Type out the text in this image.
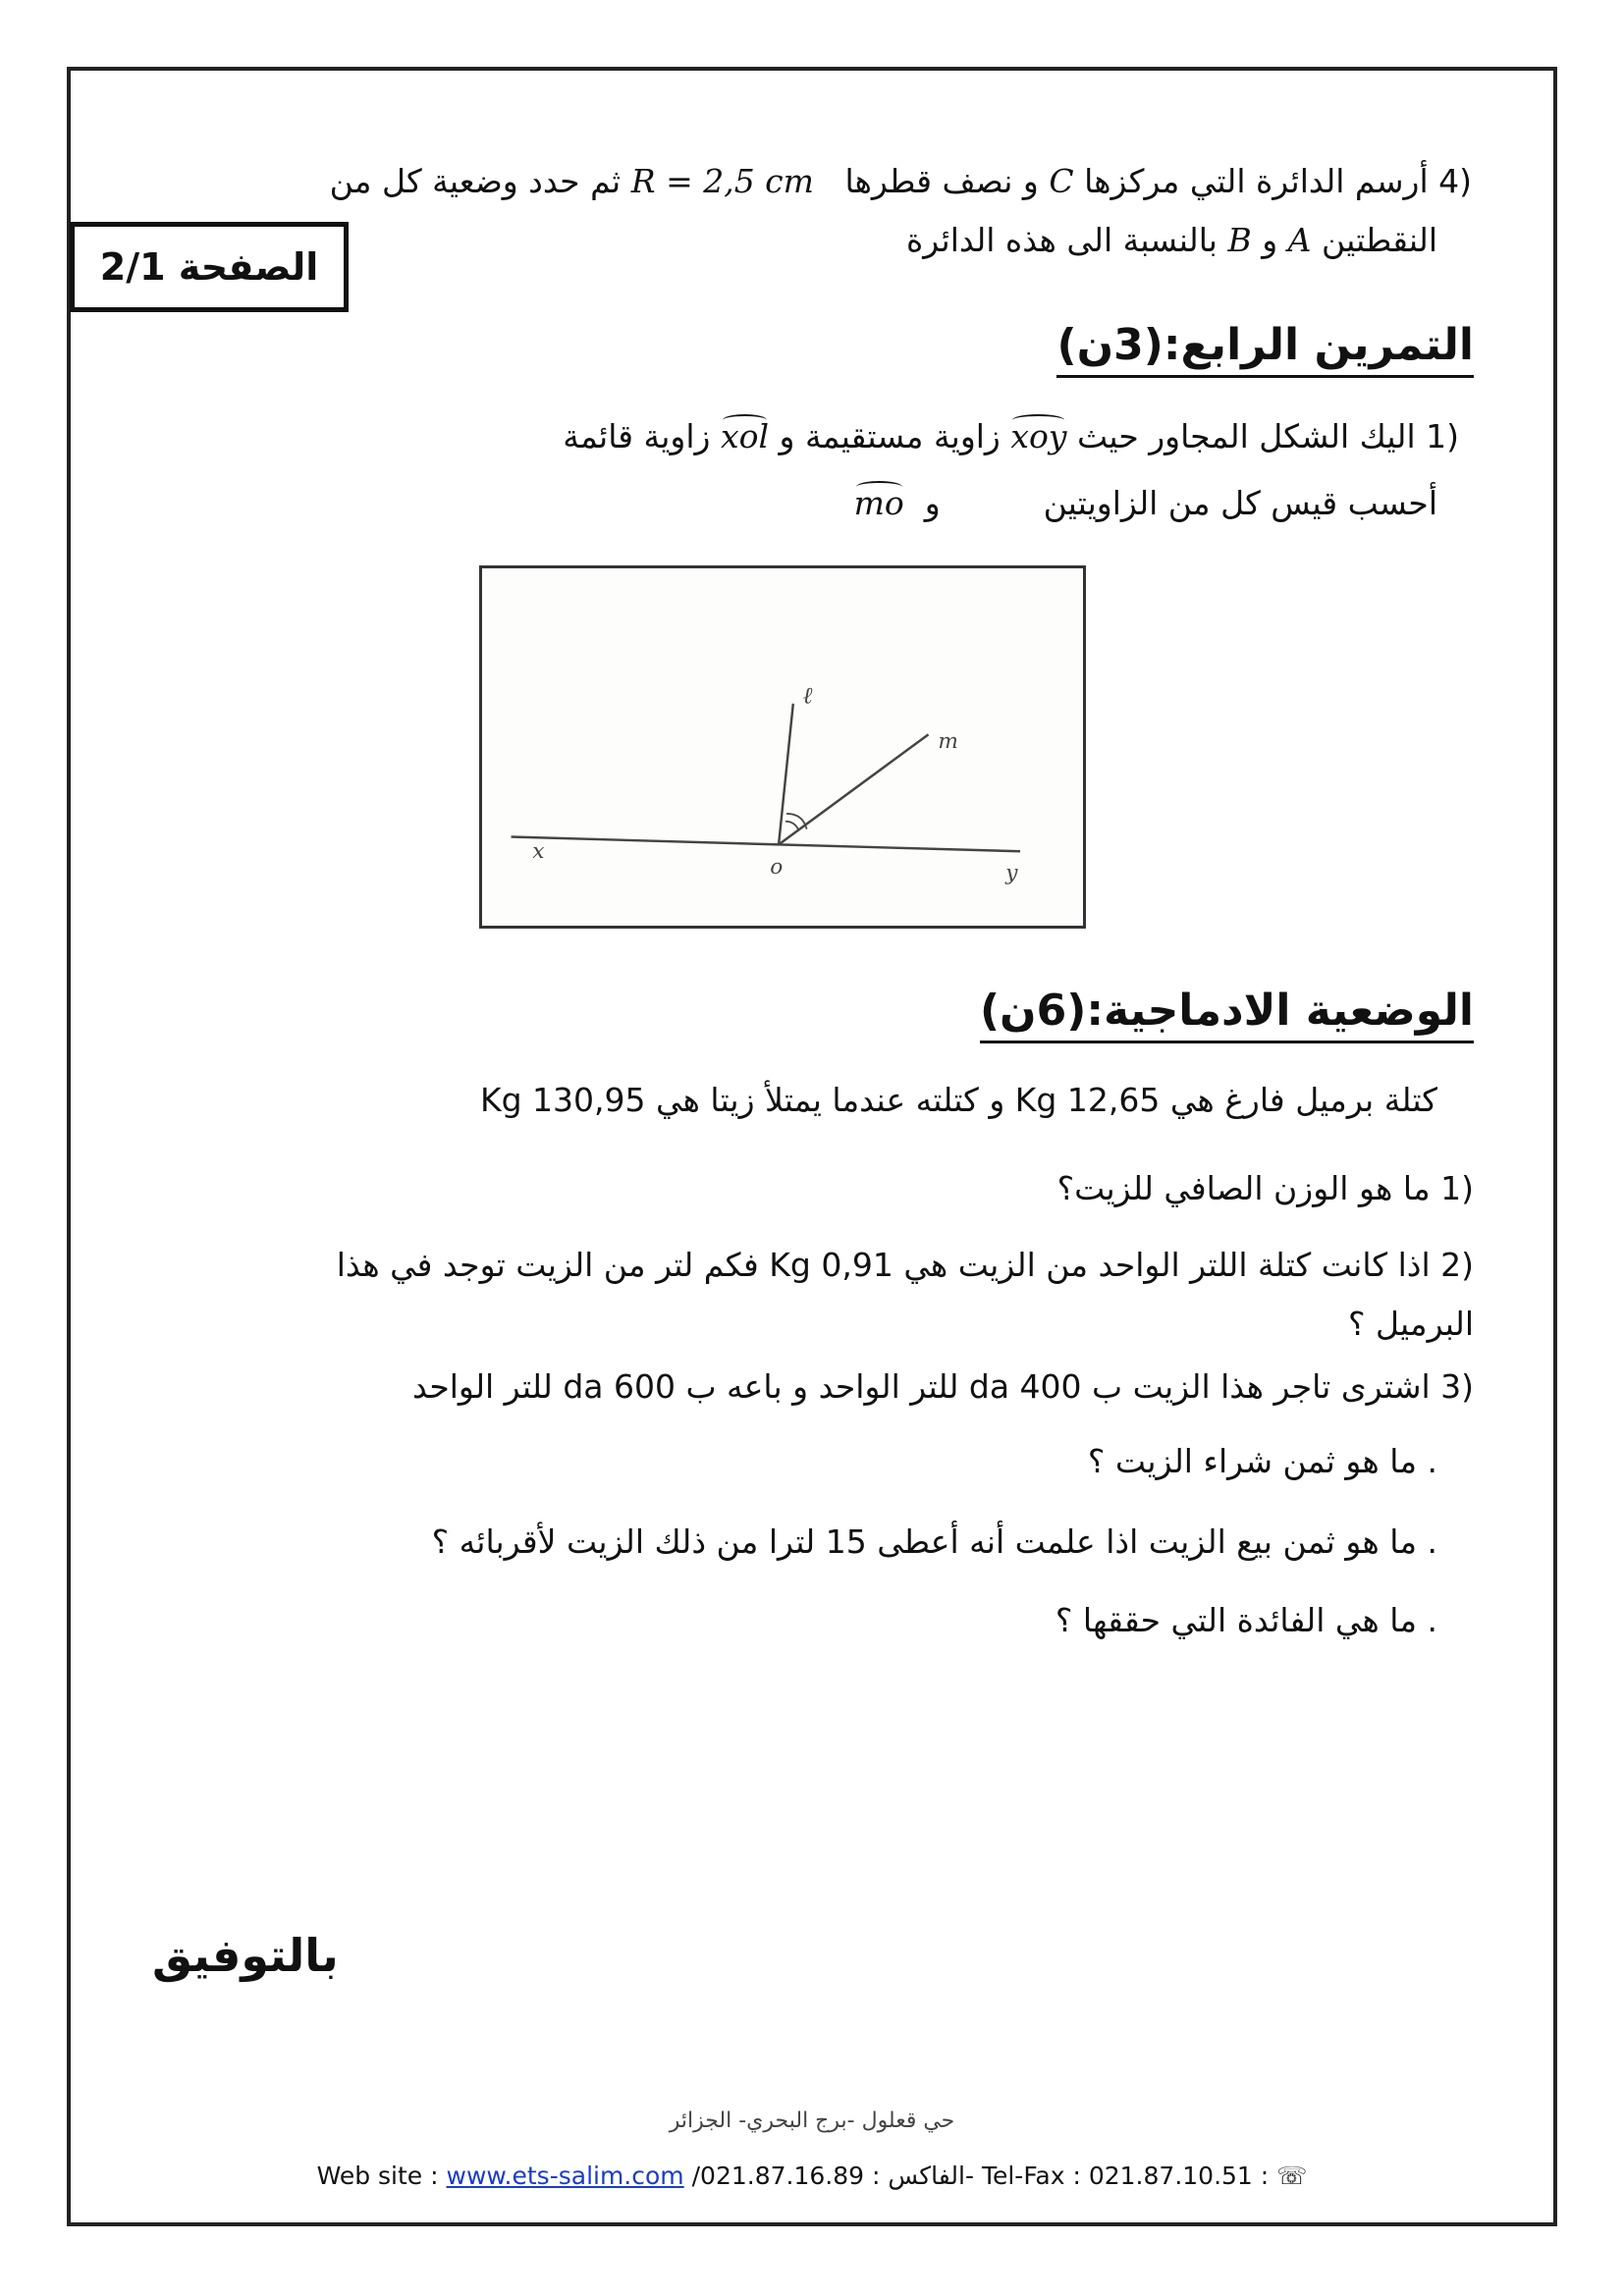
(4 أرسم الدائرة التي مركزها C و نصف قطرها   R = 2,5 cm ثم حدد وضعية كل من
النقطتين A و B بالنسبة الى هذه الدائرة
الصفحة 2/1
التمرين الرابع:(3ن)
(1 اليك الشكل المجاور حيث xoy زاوية مستقيمة و xol زاوية قائمة
أحسب قيس كل من الزاويتين          و  mo
x
o	y
ℓ
m
الوضعية الادماجية:(6ن)
كتلة برميل فارغ هي 12,65 Kg و كتلته عندما يمتلأ زيتا هي 130,95 Kg
(1 ما هو الوزن الصافي للزيت؟
(2 اذا كانت كتلة اللتر الواحد من الزيت هي 0,91 Kg فكم لتر من الزيت توجد في هذا
البرميل ؟
(3 اشترى تاجر هذا الزيت ب 400 da للتر الواحد و باعه ب 600 da للتر الواحد
. ما هو ثمن شراء الزيت ؟
. ما هو ثمن بيع الزيت اذا علمت أنه أعطى 15 لترا من ذلك الزيت لأقربائه ؟
. ما هي الفائدة التي حققها ؟
بالتوفيق
حي قعلول -برج البحري- الجزائر
Web site : www.ets-salim.com /021.87.16.89 : الفاكس- Tel-Fax : 021.87.10.51 : ☏
